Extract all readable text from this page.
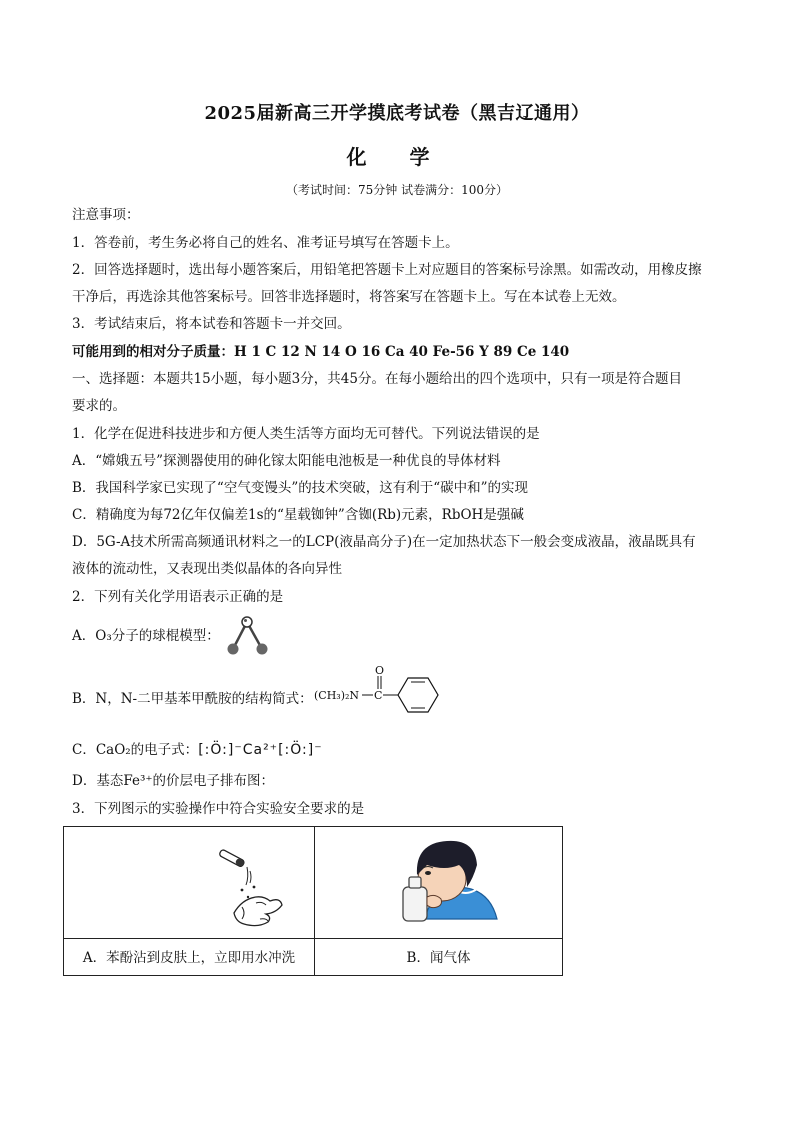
2025届新高三开学摸底考试卷（黑吉辽通用）
化 学
（考试时间：75分钟 试卷满分：100分）
注意事项：
1．答卷前，考生务必将自己的姓名、准考证号填写在答题卡上。
2．回答选择题时，选出每小题答案后，用铅笔把答题卡上对应题目的答案标号涂黑。如需改动，用橡皮擦
干净后，再选涂其他答案标号。回答非选择题时，将答案写在答题卡上。写在本试卷上无效。
3．考试结束后，将本试卷和答题卡一并交回。
可能用到的相对分子质量：H 1 C 12 N 14 O 16 Ca 40 Fe-56 Y 89 Ce 140
一、选择题：本题共15小题，每小题3分，共45分。在每小题给出的四个选项中，只有一项是符合题目
要求的。
1．化学在促进科技进步和方便人类生活等方面均无可替代。下列说法错误的是
A．“嫦娥五号”探测器使用的砷化镓太阳能电池板是一种优良的导体材料
B．我国科学家已实现了“空气变馒头”的技术突破，这有利于“碳中和”的实现
C．精确度为每72亿年仅偏差1s的“星载铷钟”含铷(Rb)元素，RbOH是强碱
D．5G-A技术所需高频通讯材料之一的LCP(液晶高分子)在一定加热状态下一般会变成液晶，液晶既具有
液体的流动性，又表现出类似晶体的各向异性
2．下列有关化学用语表示正确的是
A．O₃分子的球棍模型：
B．N，N-二甲基苯甲酰胺的结构简式： (CH₃)₂N C
O
C．CaO₂的电子式：[:Ö:]⁻Ca²⁺[:Ö:]⁻
D．基态Fe³⁺的价层电子排布图：
3．下列图示的实验操作中符合实验安全要求的是
A．苯酚沾到皮肤上，立即用水冲洗	B．闻气体
